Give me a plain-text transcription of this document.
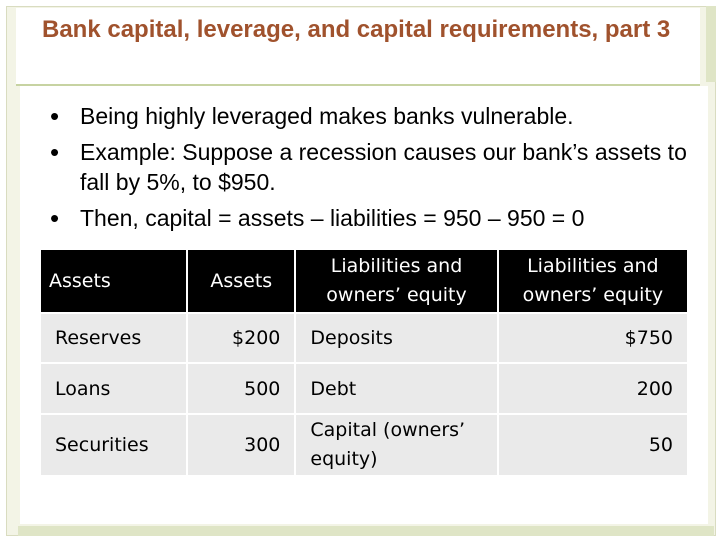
Bank capital, leverage, and capital requirements, part 3
• Being highly leveraged makes banks vulnerable.
• Example: Suppose a recession causes our bank’s assets to fall by 5%, to $950.
• Then, capital = assets – liabilities = 950 – 950 = 0
Assets	Assets	Liabilities and owners’ equity	Liabilities and owners’ equity
Reserves	$200	Deposits	$750
Loans	500	Debt	200
Securities	300	Capital (owners’ equity)	50
